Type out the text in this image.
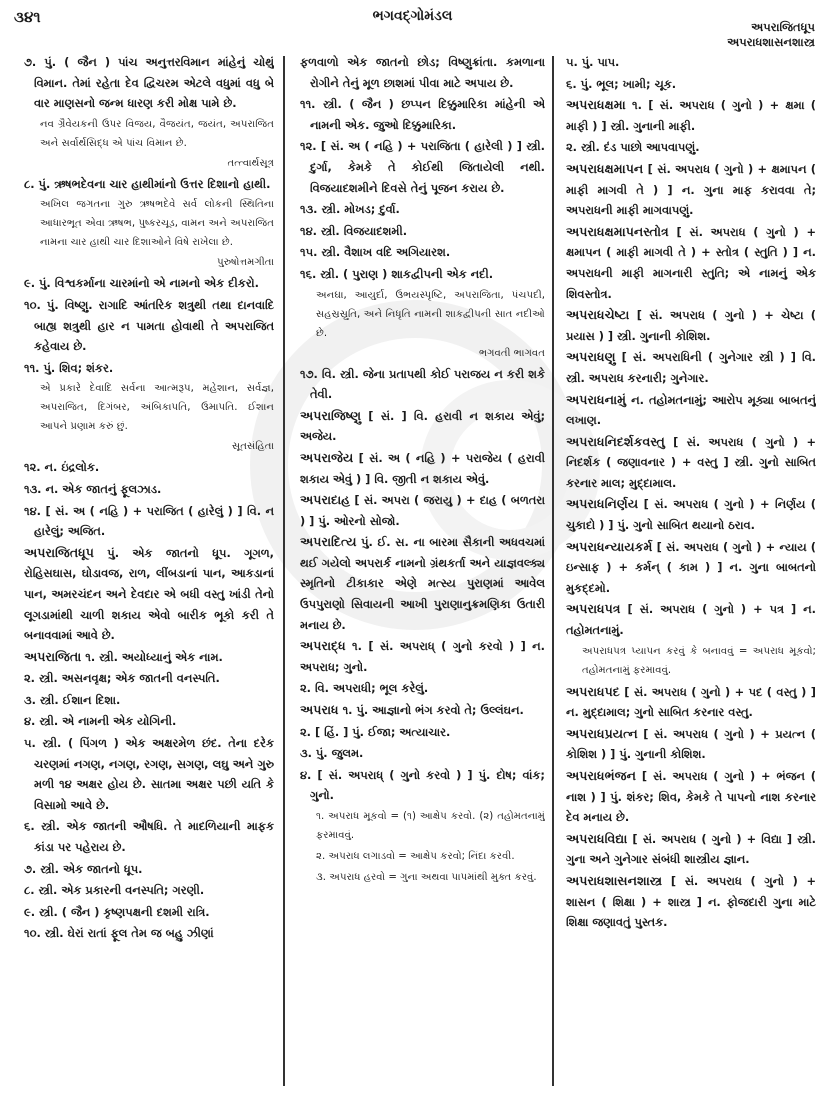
૩૪૧	ભગવદ્ગોમંડલ
અપરાજિતધૂપ
અપરાધશાસનશાસ્ત્ર
૭. પું. ( જૈન ) પાંચ અનુત્તરવિમાન માંહેનું ચોથું વિમાન. તેમાં રહેતા દેવ દ્વિચરમ એટલે વધુમાં વધુ બે વાર માણસનો જન્મ ધારણ કરી મોક્ષ પામે છે.
નવ ગ્રૈવેયકની ઉપર વિજય, વૈજયંત, જયંત, અપરાજિત અને સર્વાર્થસિદ્ધ એ પાંચ વિમાન છે.
તત્ત્વાર્થસૂત્ર
૮. પું. ઋષભદેવના ચાર હાથીમાંનો ઉત્તર દિશાનો હાથી.
અખિલ જગતના ગુરુ ઋષભદેવે સર્વ લોકની સ્થિતિના આધારભૂત એવા ઋષભ, પુષ્કરચૂડ, વામન અને અપરાજિત નામના ચાર હાથી ચાર દિશાઓને વિષે રાખેલા છે.
પુરુષોત્તમગીતા
૯. પું. વિશ્વકર્માના ચારમાંનો એ નામનો એક દીકરો.
૧૦. પું. વિષ્ણુ. રાગાદિ આંતરિક શત્રુથી તથા દાનવાદિ બાહ્ય શત્રુથી હાર ન પામતા હોવાથી તે અપરાજિત કહેવાય છે.
૧૧. પું. શિવ; શંકર.
એ પ્રકારે દેવાદિ સર્વના આત્મરૂપ, મહેશાન, સર્વજ્ઞ, અપરાજિત, દિગંબર, અંબિકાપતિ, ઉમાપતિ. ઈશાન આપને પ્રણામ કરું છું.
સૂતસંહિતા
૧૨. ન. ઇંદ્રલોક.
૧૩. ન. એક જાતનું ફૂલઝાડ.
૧૪. [ સં. અ ( નહિ ) + પરાજિત ( હારેલું ) ] વિ. ન હારેલું; અજિત.
અપરાજિતધૂપ પું. એક જાતનો ધૂપ. ગૂગળ, રોહિસઘાસ, ઘોડાવજ, રાળ, લીંબડાનાં પાન, આકડાનાં પાન, અમરચંદન અને દેવદાર એ બધી વસ્તુ ખાંડી તેનો લૂગડામાંથી ચાળી શકાય એવો બારીક ભૂકો કરી તે બનાવવામાં આવે છે.
અપરાજિતા ૧. સ્ત્રી. અયોધ્યાનું એક નામ.
૨. સ્ત્રી. અસનવૃક્ષ; એક જાતની વનસ્પતિ.
૩. સ્ત્રી. ઈશાન દિશા.
૪. સ્ત્રી. એ નામની એક યોગિની.
૫. સ્ત્રી. ( પિંગળ ) એક અક્ષરમેળ છંદ. તેના દરેક ચરણમાં નગણ, નગણ, રગણ, સગણ, લઘુ અને ગુરુ મળી ૧૪ અક્ષર હોય છે. સાતમા અક્ષર પછી યતિ કે વિસામો આવે છે.
૬. સ્ત્રી. એક જાતની ઔષધિ. તે માદળિયાની માફક કાંડા પર પહેરાય છે.
૭. સ્ત્રી. એક જાતનો ધૂપ.
૮. સ્ત્રી. એક પ્રકારની વનસ્પતિ; ગરણી.
૯. સ્ત્રી. ( જૈન ) કૃષ્ણપક્ષની દશમી રાત્રિ.
૧૦. સ્ત્રી. ઘેરાં રાતાં ફૂલ તેમ જ બહુ ઝીણાં
ફળવાળો એક જાતનો છોડ; વિષ્ણુક્રાંતા. કમળાના રોગીને તેનું મૂળ છાશમાં પીવા માટે અપાય છે.
૧૧. સ્ત્રી. ( જૈન ) છપ્પન દિક્કુમારિકા માંહેની એ નામની એક. જુઓ દિક્કુમારિકા.
૧૨. [ સં. અ ( નહિ ) + પરાજિતા ( હારેલી ) ] સ્ત્રી. દુર્ગા, કેમકે તે કોઈથી જિતાયેલી નથી. વિજયાદશમીને દિવસે તેનું પૂજન કરાય છે.
૧૩. સ્ત્રી. મોખડ; દુર્વા.
૧૪. સ્ત્રી. વિજયાદશમી.
૧૫. સ્ત્રી. વૈશાખ વદિ અગિયારશ.
૧૬. સ્ત્રી. ( પુરાણ ) શાકદ્વીપની એક નદી.
અનઘા, આયુર્દા, ઉભયસ્પૃષ્ટિ, અપરાજિતા, પંચપદી, સહસ્રસ્રુતિ, અને નિધૃતિ નામની શાકદ્વીપની સાત નદીઓ છે.
ભગવતી ભાગવત
૧૭. વિ. સ્ત્રી. જેના પ્રતાપથી કોઈ પરાજય ન કરી શકે તેવી.
અપરાજિષ્ણુ [ સં. ] વિ. હરાવી ન શકાય એવું; અજેય.
અપરાજેય [ સં. અ ( નહિ ) + પરાજેય ( હરાવી શકાય એવું ) ] વિ. જીતી ન શકાય એવું.
અપરાદાહ [ સં. અપરા ( જરાયુ ) + દાહ ( બળતરા ) ] પું. ઓરનો સોજો.
અપરાદિત્ય પું. ઈ. સ. ના બારમા સૈકાની અધવચમાં થઈ ગયેલો અપરાર્ક નામનો ગ્રંથકર્તા અને યાજ્ઞવલ્ક્ય સ્મૃતિનો ટીકાકાર એણે મત્સ્ય પુરાણમાં આવેલ ઉપપુરાણો સિવાયની આખી પુરાણાનુક્રમણિકા ઉતારી મનાય છે.
અપરાદ્ધ ૧. [ સં. અપરાધ્ ( ગુનો કરવો ) ] ન. અપરાધ; ગુનો.
૨. વિ. અપરાધી; ભૂલ કરેલું.
અપરાધ ૧. પું. આજ્ઞાનો ભંગ કરવો તે; ઉલ્લંઘન.
૨. [ હિં. ] પું. ઈજા; અત્યાચાર.
૩. પું. જુલમ.
૪. [ સં. અપરાધ્ ( ગુનો કરવો ) ] પું. દોષ; વાંક; ગુનો.
૧. અપરાધ મૂકવો = (૧) આક્ષેપ કરવો. (૨) તહોમતનામું ફરમાવવું.
૨. અપરાધ લગાડવો = આક્ષેપ કરવો; નિંદા કરવી.
૩. અપરાધ હરવો = ગુના અથવા પાપમાંથી મુક્ત કરવું.
૫. પું. પાપ.
૬. પું. ભૂલ; ખામી; ચૂક.
અપરાધક્ષમા ૧. [ સં. અપરાધ ( ગુનો ) + ક્ષમા ( માફી ) ] સ્ત્રી. ગુનાની માફી.
૨. સ્ત્રી. દંડ પાછો આપવાપણું.
અપરાધક્ષમાપન [ સં. અપરાધ ( ગુનો ) + ક્ષમાપન ( માફી માગવી તે ) ] ન. ગુના માફ કરાવવા તે; અપરાધની માફી માગવાપણું.
અપરાધક્ષમાપનસ્તોત્ર [ સં. અપરાધ ( ગુનો ) + ક્ષમાપન ( માફી માગવી તે ) + સ્તોત્ર ( સ્તુતિ ) ] ન. અપરાધની માફી માગનારી સ્તુતિ; એ નામનું એક શિવસ્તોત્ર.
અપરાધચેષ્ટા [ સં. અપરાધ ( ગુનો ) + ચેષ્ટા ( પ્રયાસ ) ] સ્ત્રી. ગુનાની કોશિશ.
અપરાધણુ [ સં. અપરાધિની ( ગુનેગાર સ્ત્રી ) ] વિ. સ્ત્રી. અપરાધ કરનારી; ગુનેગાર.
અપરાધનામું ન. તહોમતનામું; આરોપ મૂક્યા બાબતનું લખાણ.
અપરાધનિદર્શકવસ્તુ [ સં. અપરાધ ( ગુનો ) + નિદર્શક ( જણાવનાર ) + વસ્તુ ] સ્ત્રી. ગુનો સાબિત કરનાર માલ; મુદ્દામાલ.
અપરાધનિર્ણય [ સં. અપરાધ ( ગુનો ) + નિર્ણય ( ચુકાદો ) ] પું. ગુનો સાબિત થયાનો ઠરાવ.
અપરાધન્યાયકર્મ [ સં. અપરાધ ( ગુનો ) + ન્યાય ( ઇન્સાફ ) + કર્મન્ ( કામ ) ] ન. ગુના બાબતનો મુકદ્દમો.
અપરાધપત્ર [ સં. અપરાધ ( ગુનો ) + પત્ર ] ન. તહોમતનામું.
અપરાધપત્ર પ્યાપન કરવું કે બનાવવું = અપરાધ મૂકવો; તહોમતનામું ફરમાવવું.
અપરાધપદ [ સં. અપરાધ ( ગુનો ) + પદ ( વસ્તુ ) ] ન. મુદ્દામાલ; ગુનો સાબિત કરનાર વસ્તુ.
અપરાધપ્રયત્ન [ સં. અપરાધ ( ગુનો ) + પ્રયત્ન ( કોશિશ ) ] પું. ગુનાની કોશિશ.
અપરાધભંજન [ સં. અપરાધ ( ગુનો ) + ભંજન ( નાશ ) ] પું. શંકર; શિવ, કેમકે તે પાપનો નાશ કરનાર દેવ મનાય છે.
અપરાધવિદ્યા [ સં. અપરાધ ( ગુનો ) + વિદ્યા ] સ્ત્રી. ગુના અને ગુનેગાર સંબંધી શાસ્ત્રીય જ્ઞાન.
અપરાધશાસનશાસ્ત્ર [ સં. અપરાધ ( ગુનો ) + શાસન ( શિક્ષા ) + શાસ્ત્ર ] ન. ફોજદારી ગુના માટે શિક્ષા જણાવતું પુસ્તક.
